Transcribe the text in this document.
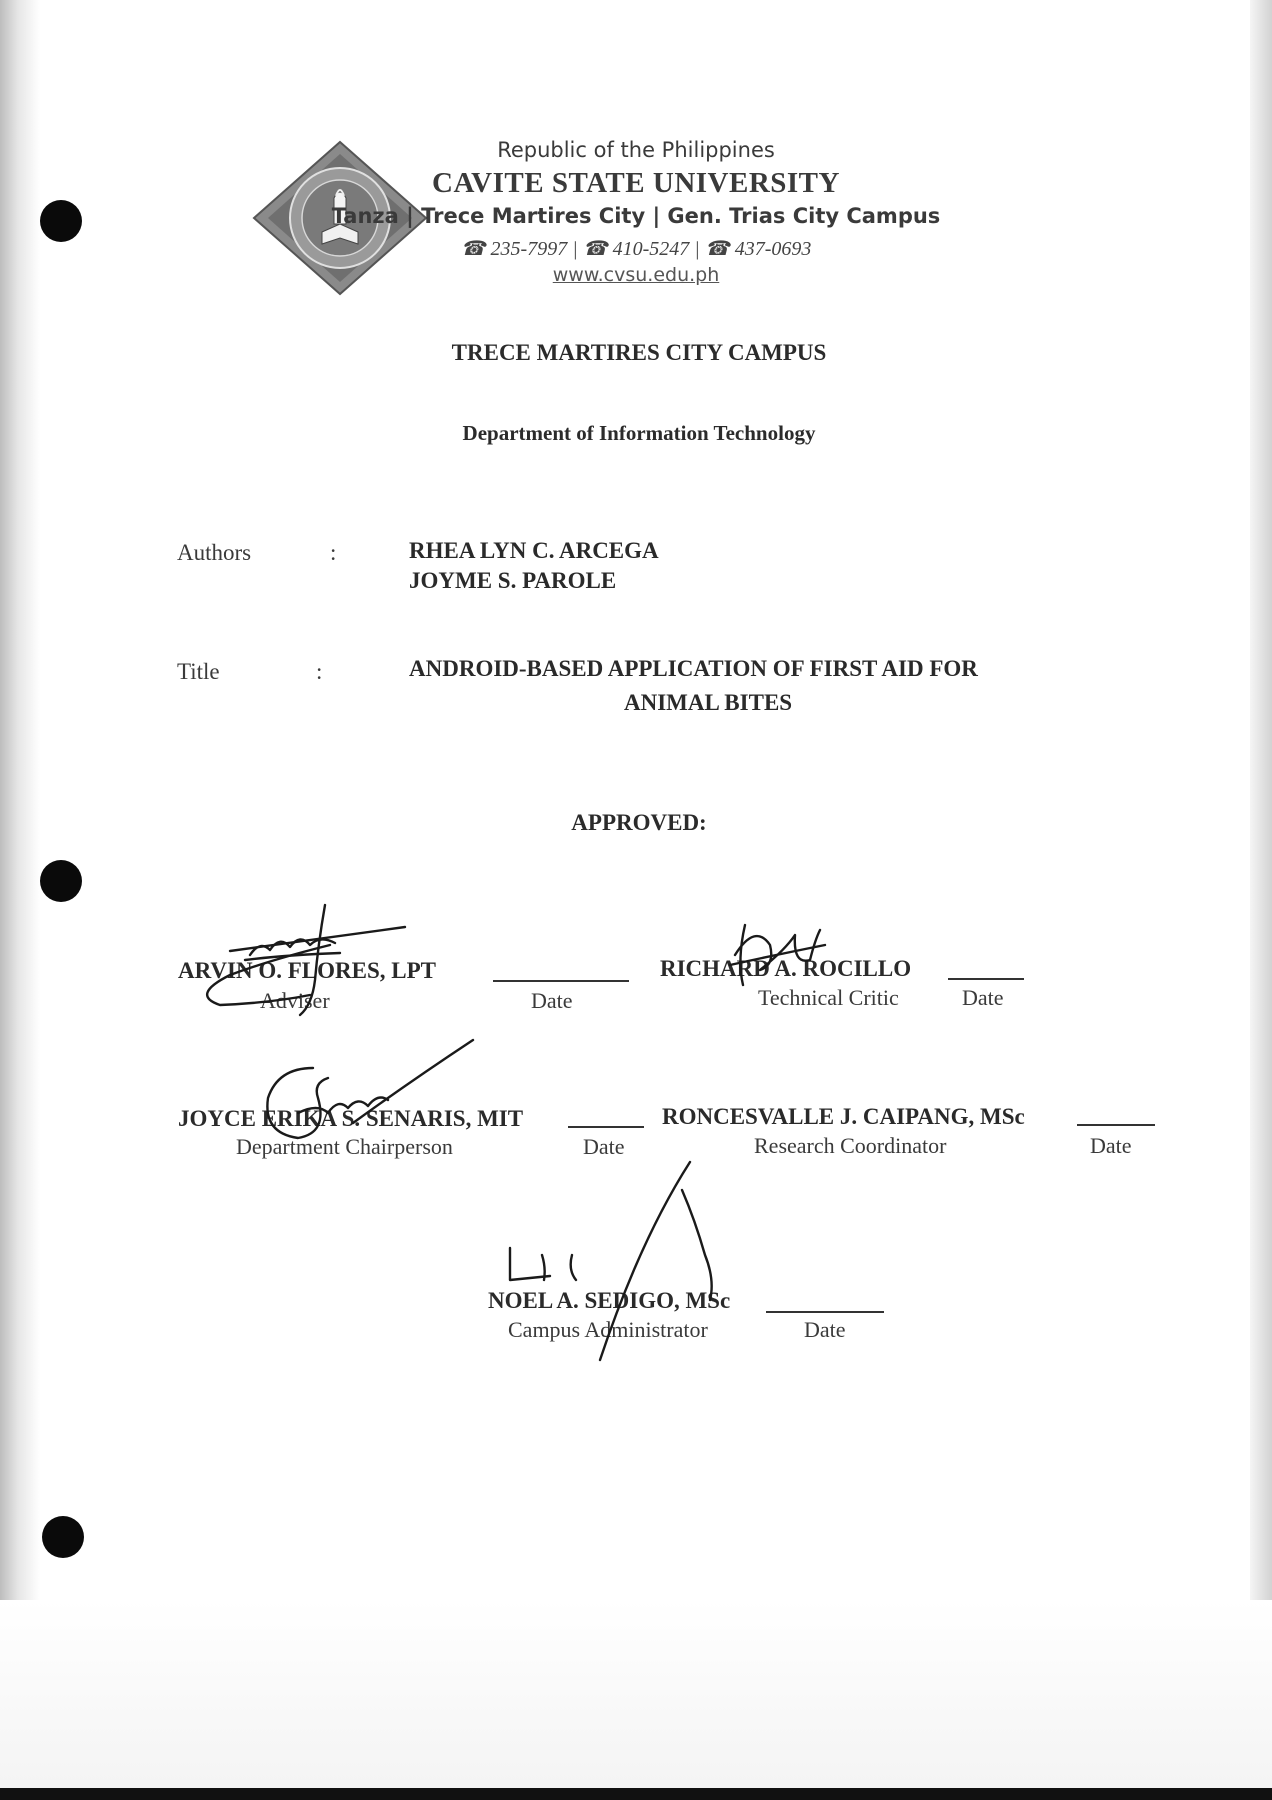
Republic of the Philippines
CAVITE STATE UNIVERSITY
Tanza | Trece Martires City | Gen. Trias City Campus
☎ 235-7997 | ☎ 410-5247 | ☎ 437-0693
www.cvsu.edu.ph
TRECE MARTIRES CITY CAMPUS
Department of Information Technology
Authors	:	RHEA LYN C. ARCEGA
JOYME S. PAROLE
Title	:	ANDROID-BASED APPLICATION OF FIRST AID FOR
ANIMAL BITES
APPROVED:
ARVIN O. FLORES, LPT
Adviser	Date
RICHARD A. ROCILLO
Technical Critic	Date
JOYCE ERIKA S. SENARIS, MIT
Department Chairperson	Date
RONCESVALLE J. CAIPANG, MSc
Research Coordinator	Date
NOEL A. SEDIGO, MSc
Campus Administrator	Date
